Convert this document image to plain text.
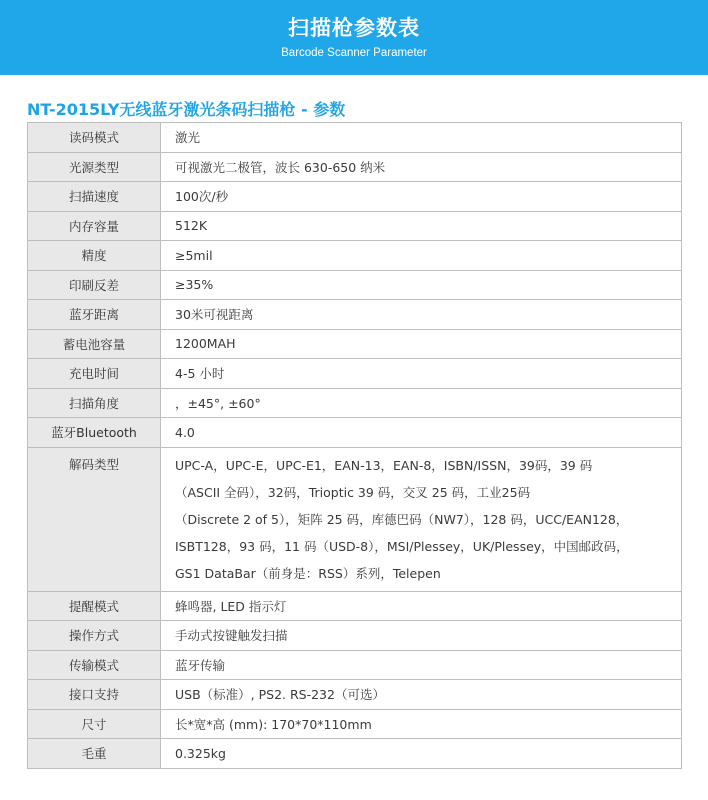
扫描枪参数表
Barcode Scanner Parameter
NT-2015LY无线蓝牙激光条码扫描枪 - 参数
读码模式	激光
光源类型	可视激光二极管，波长 630-650 纳米
扫描速度	100次/秒
内存容量	512K
精度	≥5mil
印刷反差	≥35%
蓝牙距离	30米可视距离
蓄电池容量	1200MAH
充电时间	4-5 小时
扫描角度	，±45°, ±60°
蓝牙Bluetooth	4.0
解码类型	UPC-A，UPC-E，UPC-E1，EAN-13，EAN-8，ISBN/ISSN，39码，39 码
（ASCII 全码），32码，Trioptic 39 码，交叉 25 码，工业25码
（Discrete 2 of 5），矩阵 25 码，库德巴码（NW7），128 码，UCC/EAN128，
ISBT128，93 码，11 码（USD-8），MSI/Plessey，UK/Plessey，中国邮政码，
GS1 DataBar（前身是：RSS）系列，Telepen

提醒模式	蜂鸣器, LED 指示灯
操作方式	手动式按键触发扫描
传输模式	蓝牙传输
接口支持	USB（标准）, PS2. RS-232（可选）
尺寸	长*宽*高 (mm): 170*70*110mm
毛重	0.325kg
